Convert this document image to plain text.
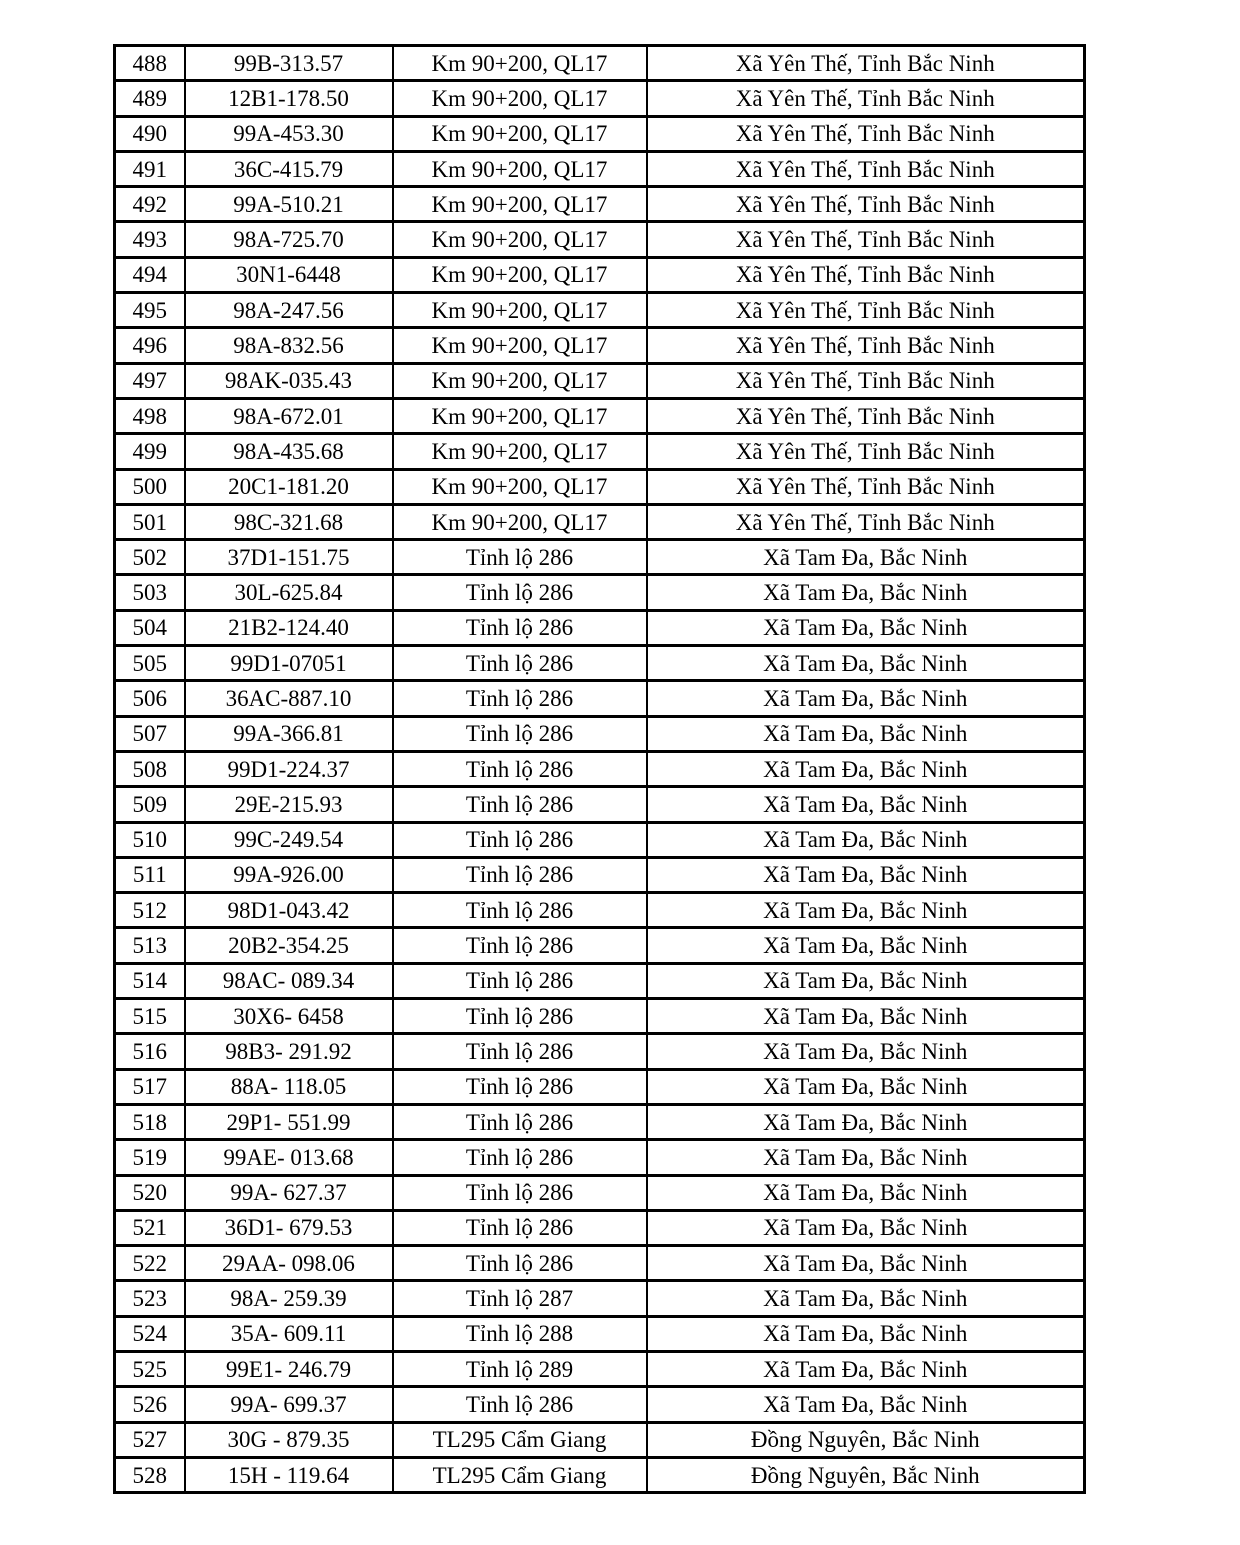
488	99B-313.57	Km 90+200, QL17	Xã Yên Thế, Tỉnh Bắc Ninh
489	12B1-178.50	Km 90+200, QL17	Xã Yên Thế, Tỉnh Bắc Ninh
490	99A-453.30	Km 90+200, QL17	Xã Yên Thế, Tỉnh Bắc Ninh
491	36C-415.79	Km 90+200, QL17	Xã Yên Thế, Tỉnh Bắc Ninh
492	99A-510.21	Km 90+200, QL17	Xã Yên Thế, Tỉnh Bắc Ninh
493	98A-725.70	Km 90+200, QL17	Xã Yên Thế, Tỉnh Bắc Ninh
494	30N1-6448	Km 90+200, QL17	Xã Yên Thế, Tỉnh Bắc Ninh
495	98A-247.56	Km 90+200, QL17	Xã Yên Thế, Tỉnh Bắc Ninh
496	98A-832.56	Km 90+200, QL17	Xã Yên Thế, Tỉnh Bắc Ninh
497	98AK-035.43	Km 90+200, QL17	Xã Yên Thế, Tỉnh Bắc Ninh
498	98A-672.01	Km 90+200, QL17	Xã Yên Thế, Tỉnh Bắc Ninh
499	98A-435.68	Km 90+200, QL17	Xã Yên Thế, Tỉnh Bắc Ninh
500	20C1-181.20	Km 90+200, QL17	Xã Yên Thế, Tỉnh Bắc Ninh
501	98C-321.68	Km 90+200, QL17	Xã Yên Thế, Tỉnh Bắc Ninh
502	37D1-151.75	Tỉnh lộ 286	Xã Tam Đa, Bắc Ninh
503	30L-625.84	Tỉnh lộ 286	Xã Tam Đa, Bắc Ninh
504	21B2-124.40	Tỉnh lộ 286	Xã Tam Đa, Bắc Ninh
505	99D1-07051	Tỉnh lộ 286	Xã Tam Đa, Bắc Ninh
506	36AC-887.10	Tỉnh lộ 286	Xã Tam Đa, Bắc Ninh
507	99A-366.81	Tỉnh lộ 286	Xã Tam Đa, Bắc Ninh
508	99D1-224.37	Tỉnh lộ 286	Xã Tam Đa, Bắc Ninh
509	29E-215.93	Tỉnh lộ 286	Xã Tam Đa, Bắc Ninh
510	99C-249.54	Tỉnh lộ 286	Xã Tam Đa, Bắc Ninh
511	99A-926.00	Tỉnh lộ 286	Xã Tam Đa, Bắc Ninh
512	98D1-043.42	Tỉnh lộ 286	Xã Tam Đa, Bắc Ninh
513	20B2-354.25	Tỉnh lộ 286	Xã Tam Đa, Bắc Ninh
514	98AC- 089.34	Tỉnh lộ 286	Xã Tam Đa, Bắc Ninh
515	30X6- 6458	Tỉnh lộ 286	Xã Tam Đa, Bắc Ninh
516	98B3- 291.92	Tỉnh lộ 286	Xã Tam Đa, Bắc Ninh
517	88A- 118.05	Tỉnh lộ 286	Xã Tam Đa, Bắc Ninh
518	29P1- 551.99	Tỉnh lộ 286	Xã Tam Đa, Bắc Ninh
519	99AE- 013.68	Tỉnh lộ 286	Xã Tam Đa, Bắc Ninh
520	99A- 627.37	Tỉnh lộ 286	Xã Tam Đa, Bắc Ninh
521	36D1- 679.53	Tỉnh lộ 286	Xã Tam Đa, Bắc Ninh
522	29AA- 098.06	Tỉnh lộ 286	Xã Tam Đa, Bắc Ninh
523	98A- 259.39	Tỉnh lộ 287	Xã Tam Đa, Bắc Ninh
524	35A- 609.11	Tỉnh lộ 288	Xã Tam Đa, Bắc Ninh
525	99E1- 246.79	Tỉnh lộ 289	Xã Tam Đa, Bắc Ninh
526	99A- 699.37	Tỉnh lộ 286	Xã Tam Đa, Bắc Ninh
527	30G - 879.35	TL295 Cẩm Giang	Đồng Nguyên, Bắc Ninh
528	15H - 119.64	TL295 Cẩm Giang	Đồng Nguyên, Bắc Ninh
